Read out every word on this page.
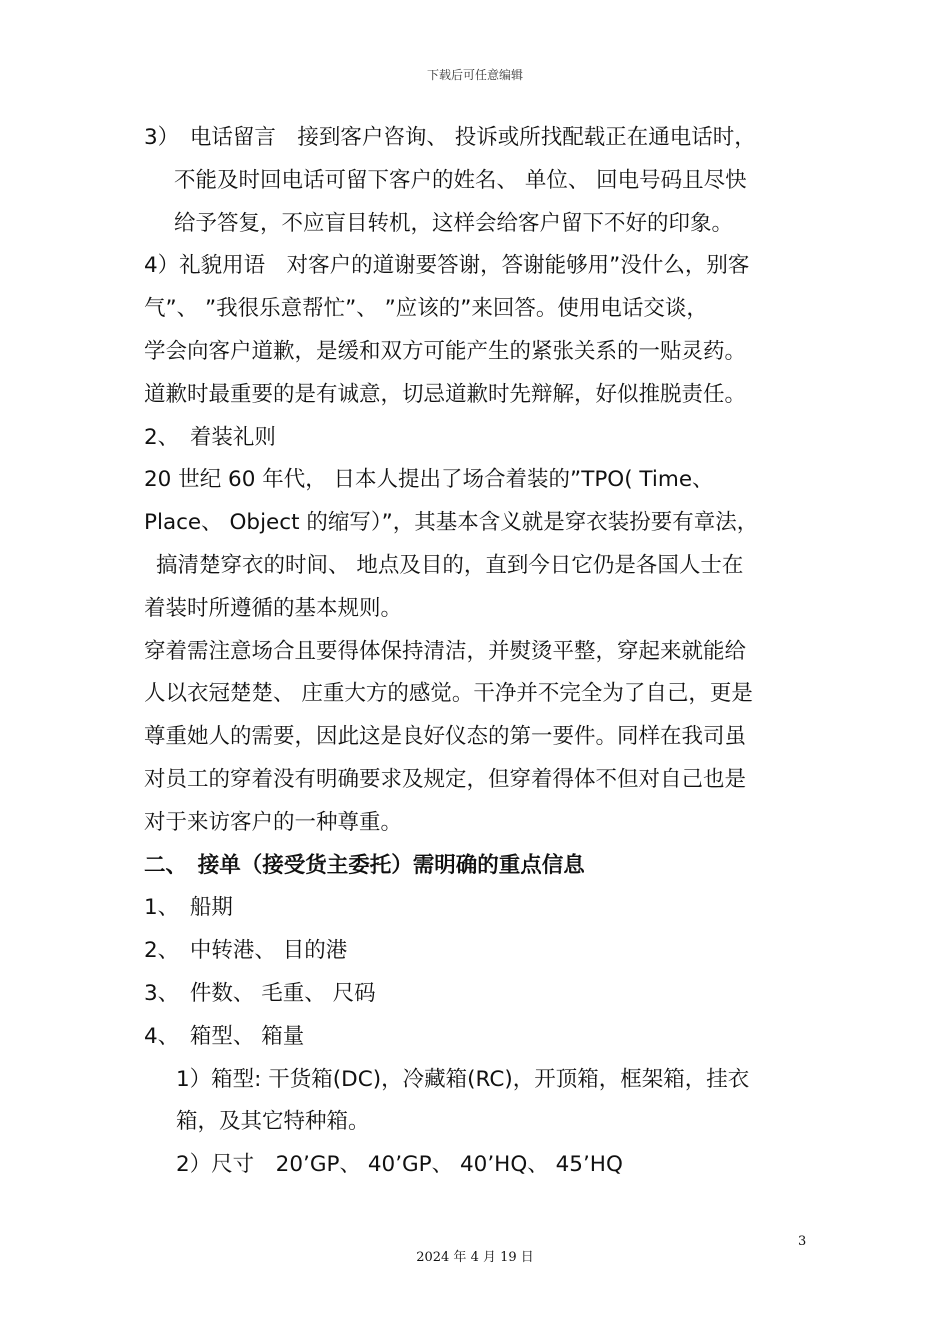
下载后可任意编辑
3）　电话留言　接到客户咨询、 投诉或所找配载正在通电话时，
不能及时回电话可留下客户的姓名、 单位、 回电号码且尽快
给予答复，不应盲目转机，这样会给客户留下不好的印象。
4）礼貌用语　对客户的道谢要答谢，答谢能够用”没什么，别客
气”、 ”我很乐意帮忙”、 ”应该的”来回答。使用电话交谈，
学会向客户道歉，是缓和双方可能产生的紧张关系的一贴灵药。
道歉时最重要的是有诚意，切忌道歉时先辩解，好似推脱责任。
2、　着装礼则
20 世纪 60 年代， 日本人提出了场合着装的”TPO( Time、
Place、 Object 的缩写）”，其基本含义就是穿衣装扮要有章法，
搞清楚穿衣的时间、 地点及目的，直到今日它仍是各国人士在
着装时所遵循的基本规则。
穿着需注意场合且要得体保持清洁，并熨烫平整，穿起来就能给
人以衣冠楚楚、 庄重大方的感觉。干净并不完全为了自己，更是
尊重她人的需要，因此这是良好仪态的第一要件。同样在我司虽
对员工的穿着没有明确要求及规定，但穿着得体不但对自己也是
对于来访客户的一种尊重。
二、　接单（接受货主委托）需明确的重点信息
1、　船期
2、　中转港、 目的港
3、　件数、 毛重、 尺码
4、　箱型、 箱量
1）箱型: 干货箱(DC)，冷藏箱(RC)，开顶箱，框架箱，挂衣
箱，及其它特种箱。
2）尺寸　20’GP、 40’GP、 40’HQ、 45’HQ
3
2024 年 4 月 19 日
